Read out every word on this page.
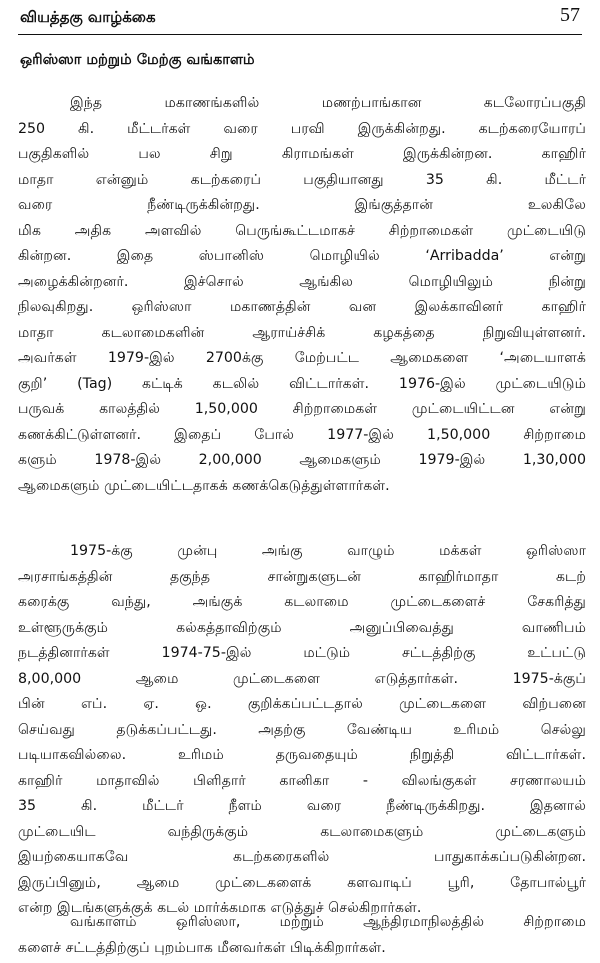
வியத்தகு வாழ்க்கை	57
ஒரிஸ்ஸா மற்றும் மேற்கு வங்காளம்
இந்த மகாணங்களில் மணற்பாங்கான கடலோரப்பகுதி
250 கி. மீட்டர்கள் வரை பரவி இருக்கின்றது. கடற்கரையோரப்
பகுதிகளில் பல சிறு கிராமங்கள் இருக்கின்றன. காஹிர்
மாதா என்னும் கடற்கரைப் பகுதியானது 35 கி. மீட்டர்
வரை நீண்டிருக்கின்றது. இங்குத்தான் உலகிலே
மிக அதிக அளவில் பெருங்கூட்டமாகச் சிற்றாமைகள் முட்டையிடு
கின்றன. இதை ஸ்பானிஸ் மொழியில் ‘Arribadda’ என்று
அழைக்கின்றனர். இச்சொல் ஆங்கில மொழியிலும் நின்று
நிலவுகிறது. ஒரிஸ்ஸா மகாணத்தின் வன இலக்காவினர் காஹிர்
மாதா கடலாமைகளின் ஆராய்ச்சிக் கழகத்தை நிறுவியுள்ளனர்.
அவர்கள் 1979-இல் 2700க்கு மேற்பட்ட ஆமைகளை ‘அடையாளக்
குறி’ (Tag) கட்டிக் கடலில் விட்டார்கள். 1976-இல் முட்டையிடும்
பருவக் காலத்தில் 1,50,000 சிற்றாமைகள் முட்டையிட்டன என்று
கணக்கிட்டுள்ளனர். இதைப் போல் 1977-இல் 1,50,000 சிற்றாமை
களும் 1978-இல் 2,00,000 ஆமைகளும் 1979-இல் 1,30,000
ஆமைகளும் முட்டையிட்டதாகக் கணக்கெடுத்துள்ளார்கள்.
1975-க்கு முன்பு அங்கு வாழும் மக்கள் ஒரிஸ்ஸா
அரசாங்கத்தின் தகுந்த சான்றுகளுடன் காஹிர்மாதா கடற்
கரைக்கு வந்து, அங்குக் கடலாமை முட்டைகளைச் சேகரித்து
உள்ளூருக்கும் கல்கத்தாவிற்கும் அனுப்பிவைத்து வாணிபம்
நடத்தினார்கள் 1974-75-இல் மட்டும் சட்டத்திற்கு உட்பட்டு
8,00,000 ஆமை முட்டைகளை எடுத்தார்கள். 1975-க்குப்
பின் எப். ஏ. ஒ. குறிக்கப்பட்டதால் முட்டைகளை விற்பனை
செய்வது தடுக்கப்பட்டது. அதற்கு வேண்டிய உரிமம் செல்லு
படியாகவில்லை. உரிமம் தருவதையும் நிறுத்தி விட்டார்கள்.
காஹிர் மாதாவில் பிளிதார் கானிகா - விலங்குகள் சரணாலயம்
35 கி. மீட்டர் நீளம் வரை நீண்டிருக்கிறது. இதனால்
முட்டையிட வந்திருக்கும் கடலாமைகளும் முட்டைகளும்
இயற்கையாகவே கடற்கரைகளில் பாதுகாக்கப்படுகின்றன.
இருப்பினும், ஆமை முட்டைகளைக் களவாடிப் பூரி, தோபால்பூர்
என்ற இடங்களுக்குக் கடல் மார்க்கமாக எடுத்துச் செல்கிறார்கள்.
வங்காளம் ஒரிஸ்ஸா, மற்றும் ஆந்திரமாநிலத்தில் சிற்றாமை
களைச் சட்டத்திற்குப் புறம்பாக மீனவர்கள் பிடிக்கிறார்கள்.
